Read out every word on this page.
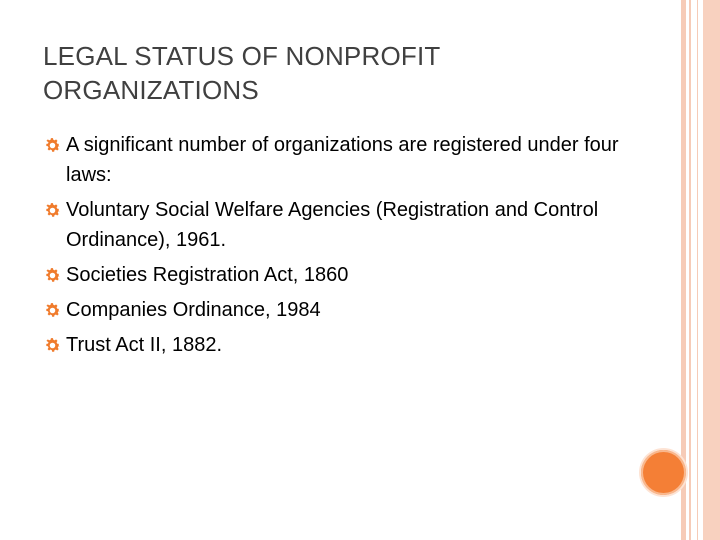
LEGAL STATUS OF NONPROFIT ORGANIZATIONS
A significant number of organizations are registered under four laws:
Voluntary Social Welfare Agencies (Registration and Control Ordinance), 1961.
Societies Registration Act, 1860
Companies Ordinance, 1984
Trust Act II, 1882.
